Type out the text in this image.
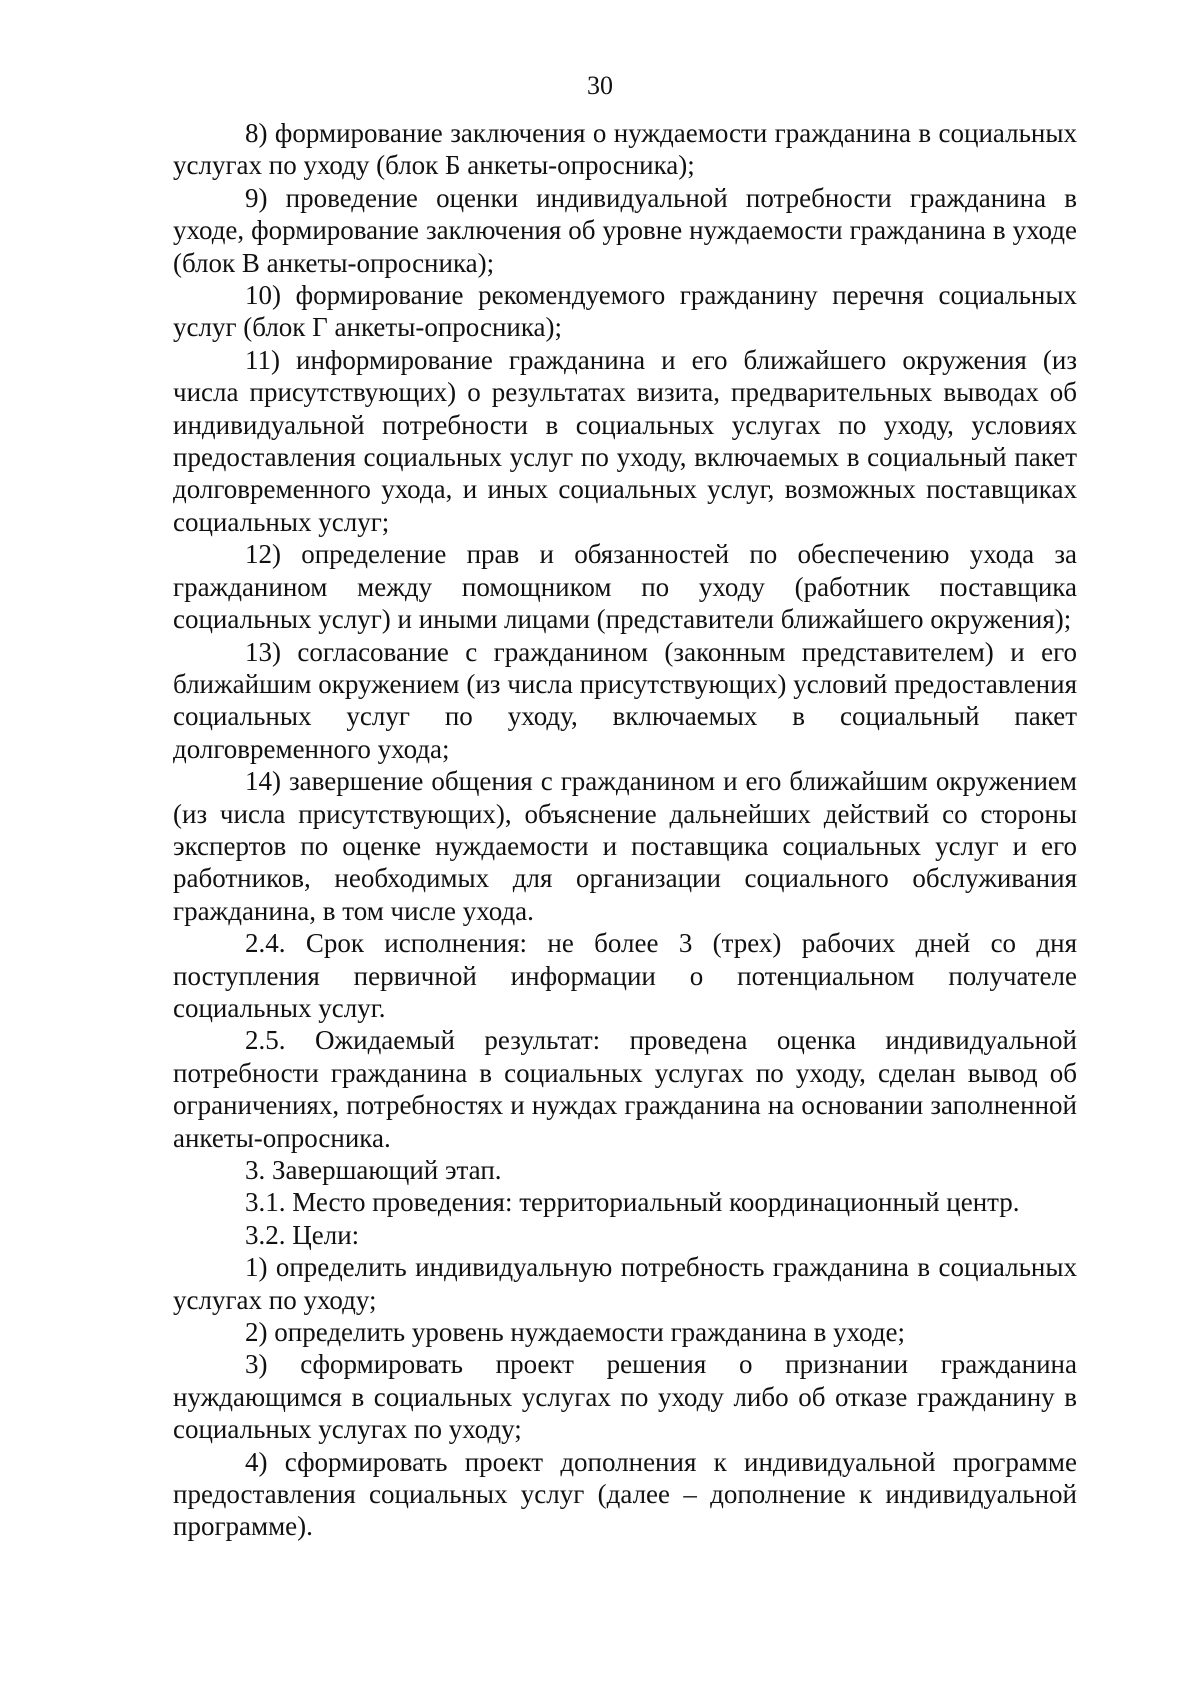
30

8) формирование заключения о нуждаемости гражданина в социальных услугах по уходу (блок Б анкеты-опросника);

9) проведение оценки индивидуальной потребности гражданина в уходе, формирование заключения об уровне нуждаемости гражданина в уходе (блок В анкеты-опросника);

10) формирование рекомендуемого гражданину перечня социальных услуг (блок Г анкеты-опросника);

11) информирование гражданина и его ближайшего окружения (из числа присутствующих) о результатах визита, предварительных выводах об индивидуальной потребности в социальных услугах по уходу, условиях предоставления социальных услуг по уходу, включаемых в социальный пакет долговременного ухода, и иных социальных услуг, возможных поставщиках социальных услуг;

12) определение прав и обязанностей по обеспечению ухода за гражданином между помощником по уходу (работник поставщика социальных услуг) и иными лицами (представители ближайшего окружения);

13) согласование с гражданином (законным представителем) и его ближайшим окружением (из числа присутствующих) условий предоставления социальных услуг по уходу, включаемых в социальный пакет долговременного ухода;

14) завершение общения с гражданином и его ближайшим окружением (из числа присутствующих), объяснение дальнейших действий со стороны экспертов по оценке нуждаемости и поставщика социальных услуг и его работников, необходимых для организации социального обслуживания гражданина, в том числе ухода.

2.4. Срок исполнения: не более 3 (трех) рабочих дней со дня поступления первичной информации о потенциальном получателе социальных услуг.

2.5. Ожидаемый результат: проведена оценка индивидуальной потребности гражданина в социальных услугах по уходу, сделан вывод об ограничениях, потребностях и нуждах гражданина на основании заполненной анкеты-опросника.

3. Завершающий этап.

3.1. Место проведения: территориальный координационный центр.

3.2. Цели:

1) определить индивидуальную потребность гражданина в социальных услугах по уходу;

2) определить уровень нуждаемости гражданина в уходе;

3) сформировать проект решения о признании гражданина нуждающимся в социальных услугах по уходу либо об отказе гражданину в социальных услугах по уходу;

4) сформировать проект дополнения к индивидуальной программе предоставления социальных услуг (далее – дополнение к индивидуальной программе).
